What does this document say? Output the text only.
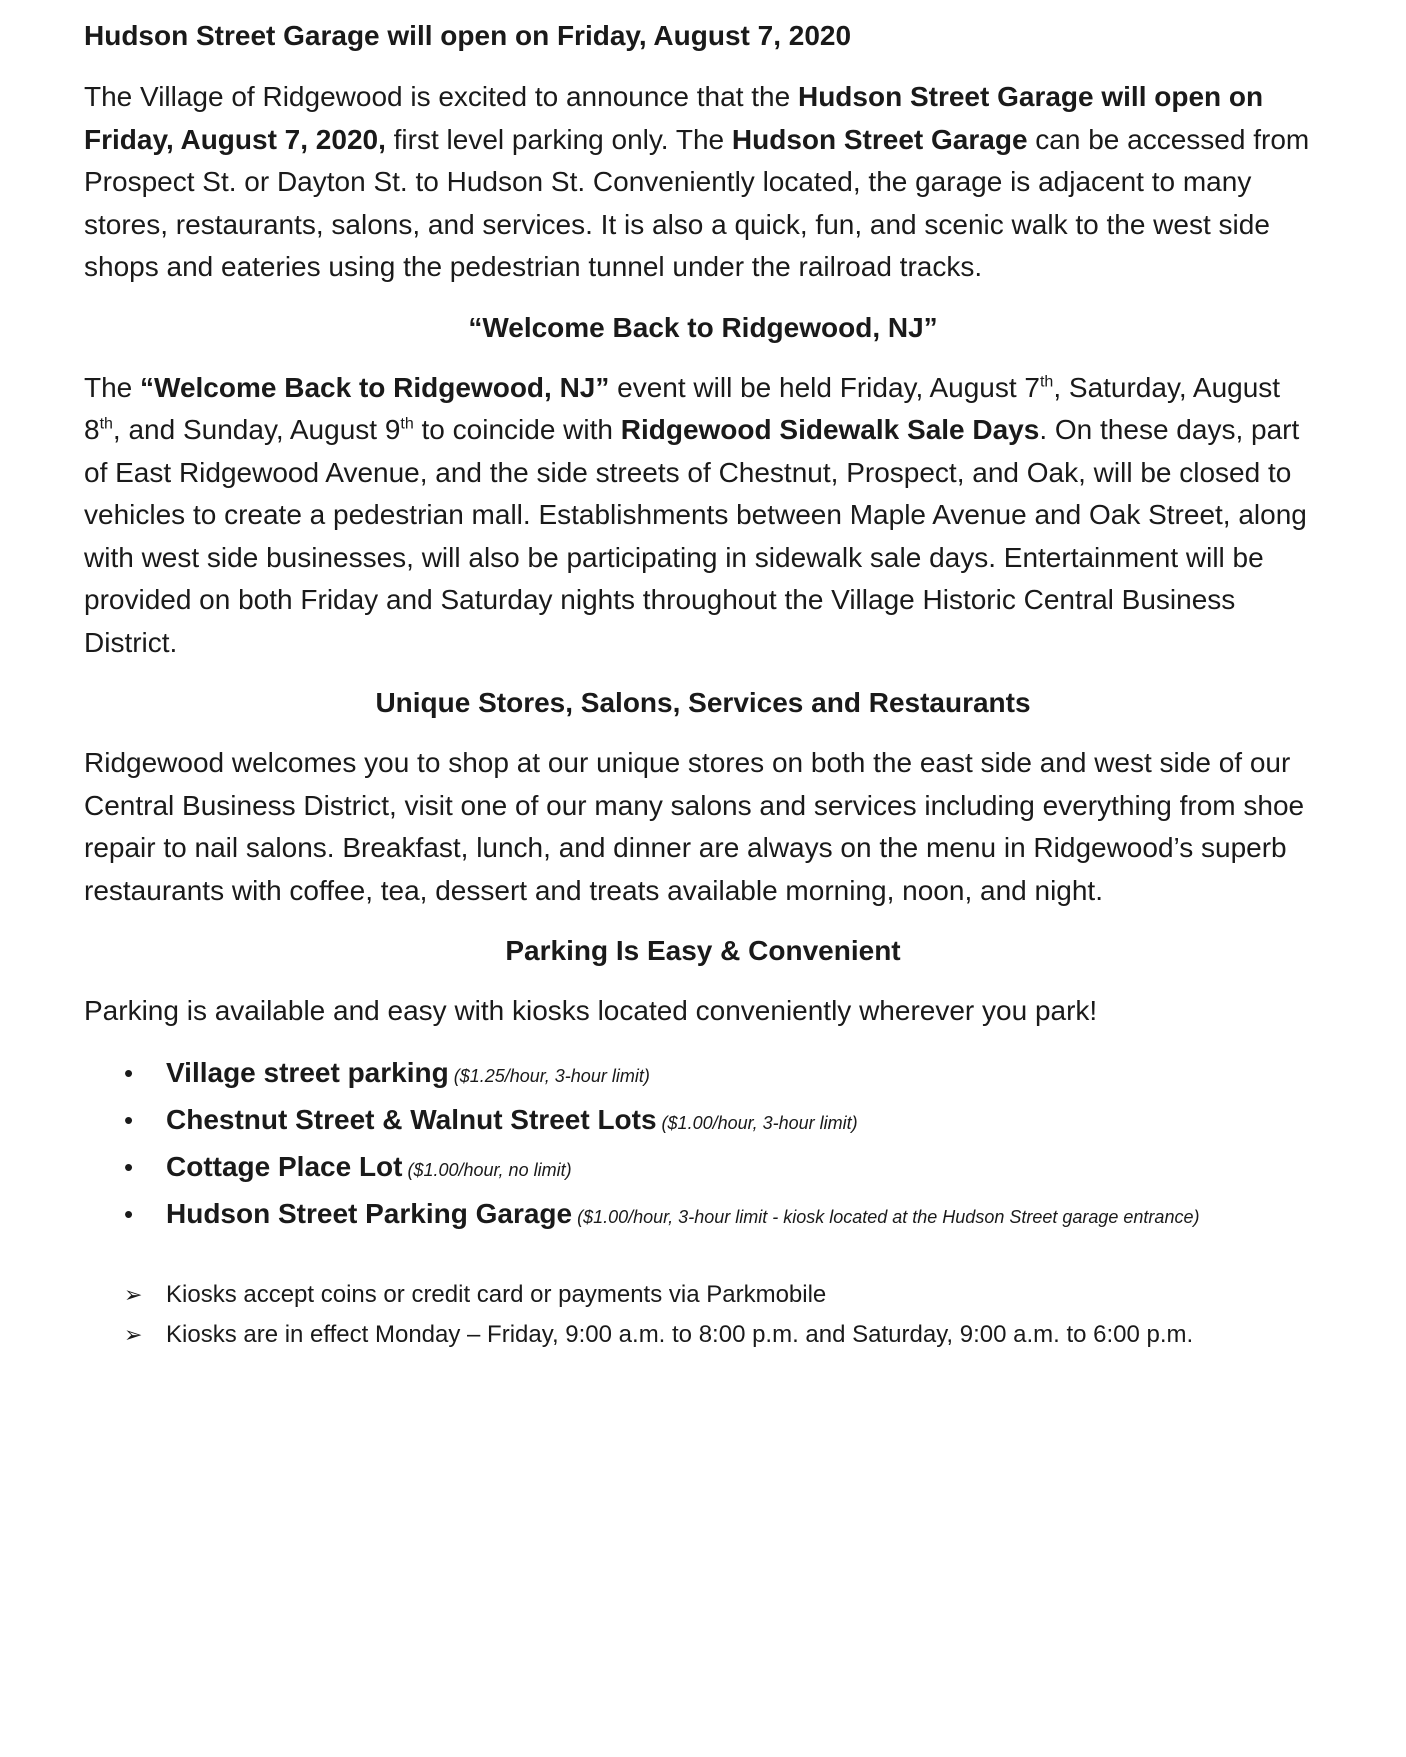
Hudson Street Garage will open on Friday, August 7, 2020

The Village of Ridgewood is excited to announce that the Hudson Street Garage will open on Friday, August 7, 2020, first level parking only. The Hudson Street Garage can be accessed from Prospect St. or Dayton St. to Hudson St. Conveniently located, the garage is adjacent to many stores, restaurants, salons, and services. It is also a quick, fun, and scenic walk to the west side shops and eateries using the pedestrian tunnel under the railroad tracks.

“Welcome Back to Ridgewood, NJ”

The “Welcome Back to Ridgewood, NJ” event will be held Friday, August 7th, Saturday, August 8th, and Sunday, August 9th to coincide with Ridgewood Sidewalk Sale Days. On these days, part of East Ridgewood Avenue, and the side streets of Chestnut, Prospect, and Oak, will be closed to vehicles to create a pedestrian mall. Establishments between Maple Avenue and Oak Street, along with west side businesses, will also be participating in sidewalk sale days. Entertainment will be provided on both Friday and Saturday nights throughout the Village Historic Central Business District.

Unique Stores, Salons, Services and Restaurants

Ridgewood welcomes you to shop at our unique stores on both the east side and west side of our Central Business District, visit one of our many salons and services including everything from shoe repair to nail salons. Breakfast, lunch, and dinner are always on the menu in Ridgewood’s superb restaurants with coffee, tea, dessert and treats available morning, noon, and night.

Parking Is Easy & Convenient

Parking is available and easy with kiosks located conveniently wherever you park!

• Village street parking ($1.25/hour, 3-hour limit)
• Chestnut Street & Walnut Street Lots ($1.00/hour, 3-hour limit)
• Cottage Place Lot ($1.00/hour, no limit)
• Hudson Street Parking Garage ($1.00/hour, 3-hour limit - kiosk located at the Hudson Street garage entrance)
➢ Kiosks accept coins or credit card or payments via Parkmobile
➢ Kiosks are in effect Monday – Friday, 9:00 a.m. to 8:00 p.m. and Saturday, 9:00 a.m. to 6:00 p.m.
